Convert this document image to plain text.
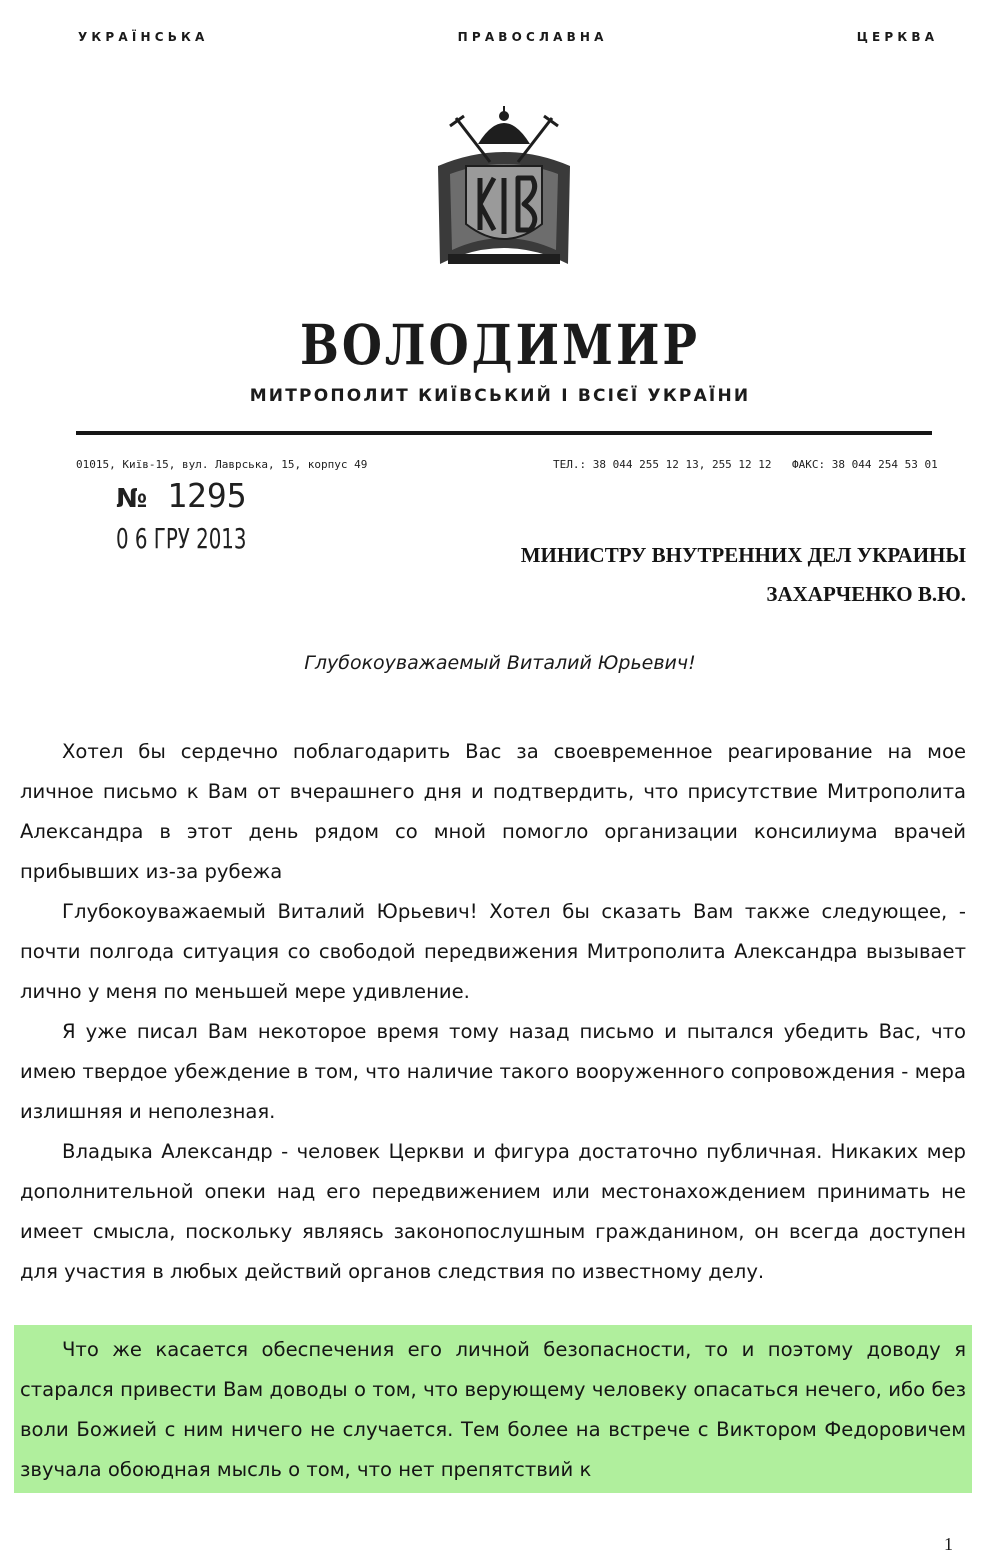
У К Р А Ї Н С Ь К А	П Р А В О С Л А В Н А	Ц Е Р К В А
ВОЛОДИМИР
МИТРОПОЛИТ КИЇВСЬКИЙ І ВСІЄЇ УКРАЇНИ
01015, Київ-15, вул. Лаврська, 15, корпус 49	ТЕЛ.: 38 044 255 12 13, 255 12 12 ФАКС: 38 044 254 53 01
№ 1295
0 6 ГРУ 2013	МИНИСТРУ ВНУТРЕННИХ ДЕЛ УКРАИНЫ
ЗАХАРЧЕНКО В.Ю.
Глубокоуважаемый Виталий Юрьевич!
Хотел бы сердечно поблагодарить Вас за своевременное реагирование на мое личное письмо к Вам от вчерашнего дня и подтвердить, что присутствие Митрополита Александра в этот день рядом со мной помогло организации консилиума врачей прибывших из-за рубежа
Глубокоуважаемый Виталий Юрьевич! Хотел бы сказать Вам также следующее, - почти полгода ситуация со свободой передвижения Митрополита Александра вызывает лично у меня по меньшей мере удивление.
Я уже писал Вам некоторое время тому назад письмо и пытался убедить Вас, что имею твердое убеждение в том, что наличие такого вооруженного сопровождения - мера излишняя и неполезная.
Владыка Александр - человек Церкви и фигура достаточно публичная. Никаких мер дополнительной опеки над его передвижением или местонахождением принимать не имеет смысла, поскольку являясь законопослушным гражданином, он всегда доступен для участия в любых действий органов следствия по известному делу.
Что же касается обеспечения его личной безопасности, то и поэтому доводу я старался привести Вам доводы о том, что верующему человеку опасаться нечего, ибо без воли Божией с ним ничего не случается. Тем более на встрече с Виктором Федоровичем звучала обоюдная мысль о том, что нет препятствий к
1
